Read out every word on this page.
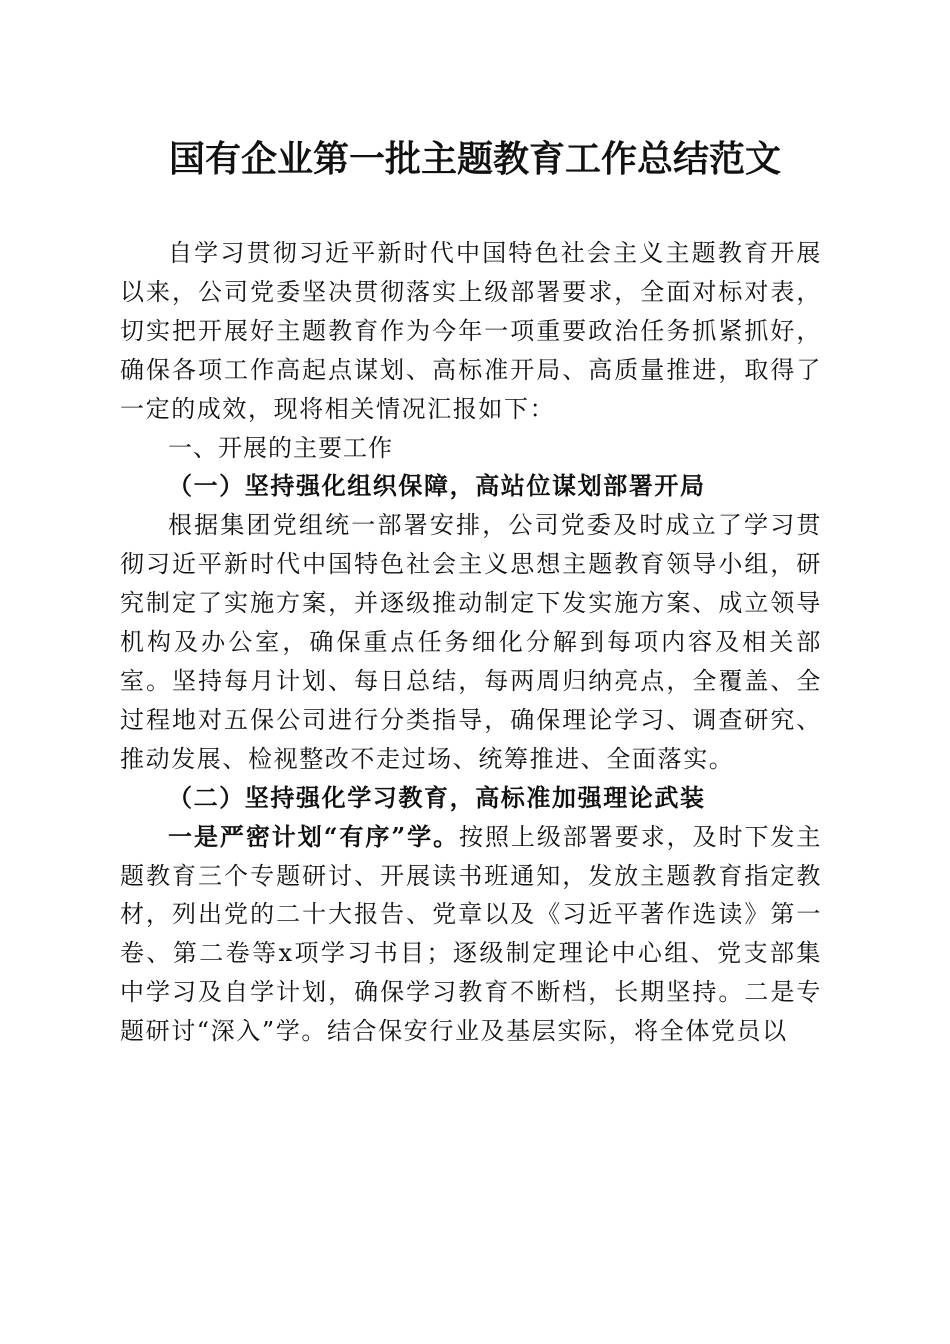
国有企业第一批主题教育工作总结范文

自学习贯彻习近平新时代中国特色社会主义主题教育开展以来，公司党委坚决贯彻落实上级部署要求，全面对标对表，切实把开展好主题教育作为今年一项重要政治任务抓紧抓好，确保各项工作高起点谋划、高标准开局、高质量推进，取得了一定的成效，现将相关情况汇报如下：

一、开展的主要工作

（一）坚持强化组织保障，高站位谋划部署开局

根据集团党组统一部署安排，公司党委及时成立了学习贯彻习近平新时代中国特色社会主义思想主题教育领导小组，研究制定了实施方案，并逐级推动制定下发实施方案、成立领导机构及办公室，确保重点任务细化分解到每项内容及相关部室。坚持每月计划、每日总结，每两周归纳亮点，全覆盖、全过程地对五保公司进行分类指导，确保理论学习、调查研究、推动发展、检视整改不走过场、统筹推进、全面落实。

（二）坚持强化学习教育，高标准加强理论武装

一是严密计划“有序”学。按照上级部署要求，及时下发主题教育三个专题研讨、开展读书班通知，发放主题教育指定教材，列出党的二十大报告、党章以及《习近平著作选读》第一卷、第二卷等x项学习书目；逐级制定理论中心组、党支部集中学习及自学计划，确保学习教育不断档，长期坚持。二是专题研讨“深入”学。结合保安行业及基层实际，将全体党员以
